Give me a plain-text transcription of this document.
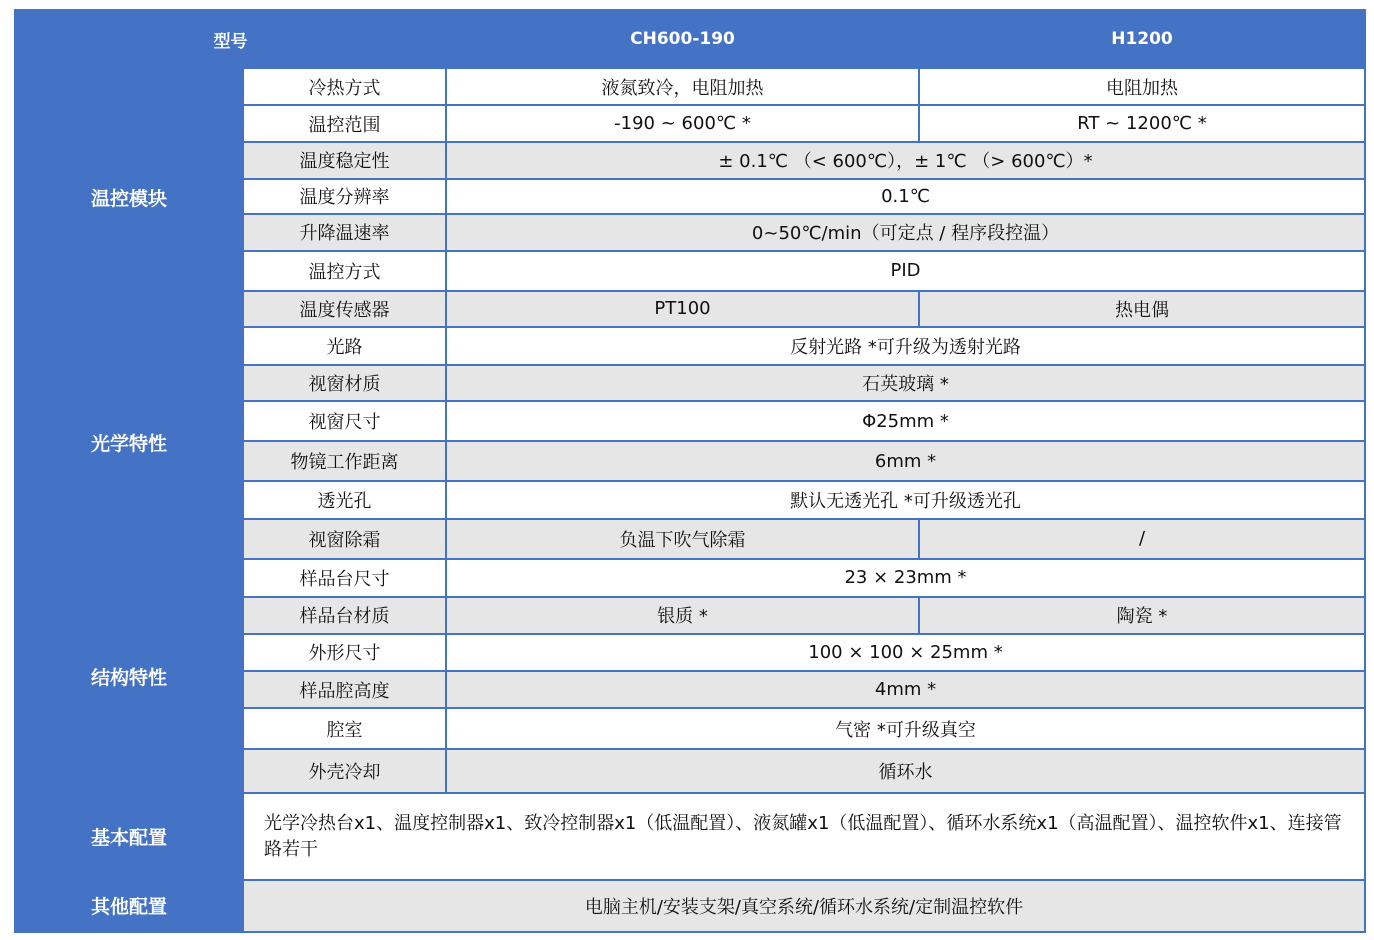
型号		CH600-190	H1200
温控模块	冷热方式	液氮致冷，电阻加热	电阻加热
	温控范围	-190 ~ 600℃ *	RT ~ 1200℃ *
	温度稳定性	± 0.1℃ （< 600℃），± 1℃ （> 600℃）*	
	温度分辨率	0.1℃	
	升降温速率	0~50℃/min（可定点 / 程序段控温）	
	温控方式	PID	
	温度传感器	PT100	热电偶
光学特性	光路	反射光路 *可升级为透射光路	
	视窗材质	石英玻璃 *	
	视窗尺寸	Φ25mm *	
	物镜工作距离	6mm *	
	透光孔	默认无透光孔 *可升级透光孔	
	视窗除霜	负温下吹气除霜	/
结构特性	样品台尺寸	23 × 23mm *	
	样品台材质	银质 *	陶瓷 *
	外形尺寸	100 × 100 × 25mm *	
	样品腔高度	4mm *	
	腔室	气密 *可升级真空	
	外壳冷却	循环水	
基本配置	光学冷热台x1、温度控制器x1、致冷控制器x1（低温配置）、液氮罐x1（低温配置）、循环水系统x1（高温配置）、温控软件x1、连接管路若干		
其他配置	电脑主机/安装支架/真空系统/循环水系统/定制温控软件		
